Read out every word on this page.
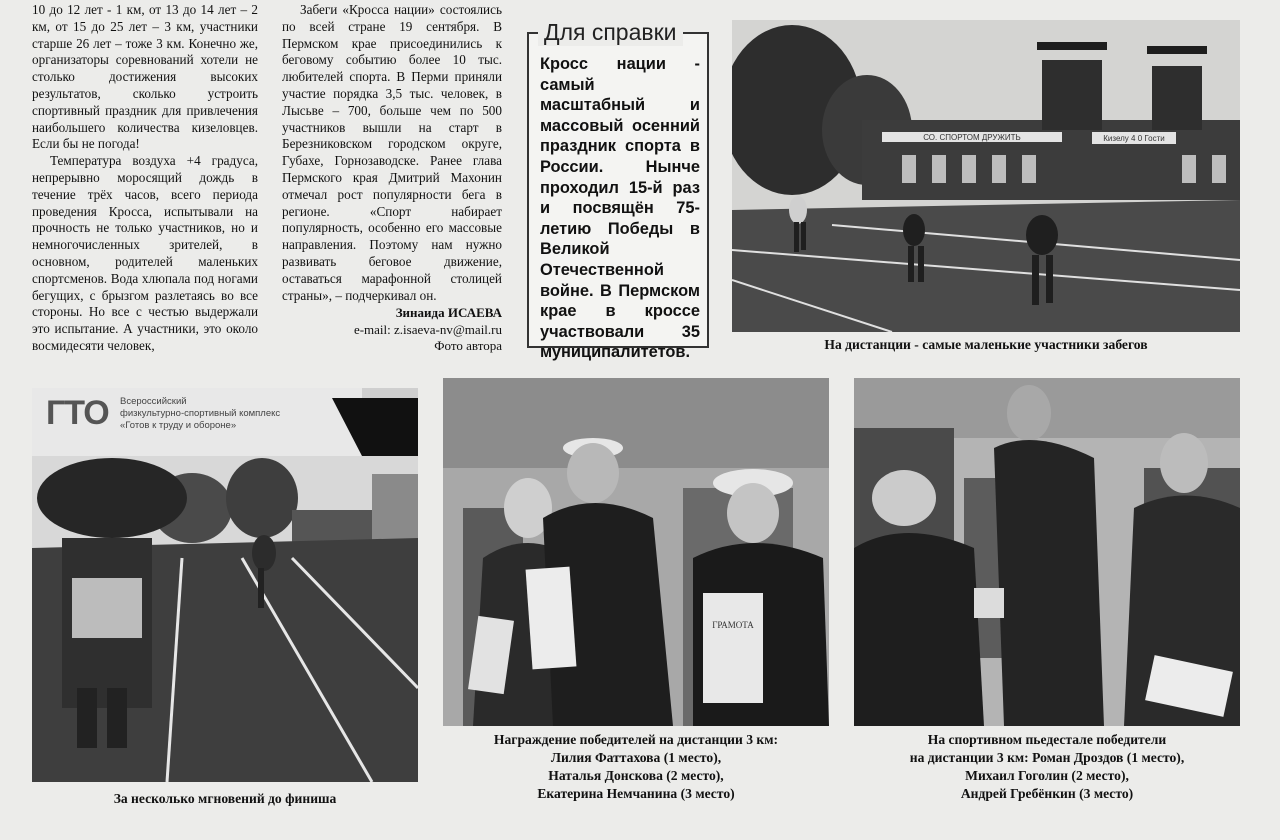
10 до 12 лет - 1 км, от 13 до 14 лет – 2 км, от 15 до 25 лет – 3 км, участники старше 26 лет – тоже 3 км. Конечно же, организаторы соревнований хотели не столько достижения высоких результатов, сколько устроить спортивный праздник для привлечения наибольшего количества кизеловцев. Если бы не погода!

Температура воздуха +4 градуса, непрерывно моросящий дождь в течение трёх часов, всего периода проведения Кросса, испытывали на прочность не только участников, но и немногочисленных зрителей, в основном, родителей маленьких спортсменов. Вода хлюпала под ногами бегущих, с брызгом разлетаясь во все стороны. Но все с честью выдержали это испытание. А участники, это около восмидесяти человек,

Забеги «Кросса нации» состоялись по всей стране 19 сентября. В Пермском крае присоединились к беговому событию более 10 тыс. любителей спорта. В Перми приняли участие порядка 3,5 тыс. человек, в Лысьве – 700, больше чем по 500 участников вышли на старт в Березниковском городском округе, Губахе, Горнозаводске. Ранее глава Пермского края Дмитрий Махонин отмечал рост популярности бега в регионе. «Спорт набирает популярность, особенно его массовые направления. Поэтому нам нужно развивать беговое движение, оставаться марафонной столицей страны», – подчеркивал он.

Зинаида ИСАЕВА
e-mail: z.isaeva-nv@mail.ru
Фото автора
Для справки
Кросс нации - самый масштабный и массовый осенний праздник спорта в России. Нынче проходил 15-й раз и посвящён 75-летию Победы в Великой Отечественной войне. В Пермском крае в кроссе участвовали 35 муниципалитетов.
СО. СПОРТОМ ДРУЖИТЬ	Кизелу 4 0 Гости
На дистанции - самые маленькие участники забегов
ГТО	Всероссийский
физкультурно-спортивный комплекс
«Готов к труду и обороне»
За несколько мгновений до финиша
ГРАМОТА
Награждение победителей на дистанции 3 км:
Лилия Фаттахова (1 место),
Наталья Донскова (2 место),
Екатерина Немчанина (3 место)
На спортивном пьедестале победители
на дистанции 3 км: Роман Дроздов (1 место),
Михаил Гоголин (2 место),
Андрей Гребёнкин (3 место)
